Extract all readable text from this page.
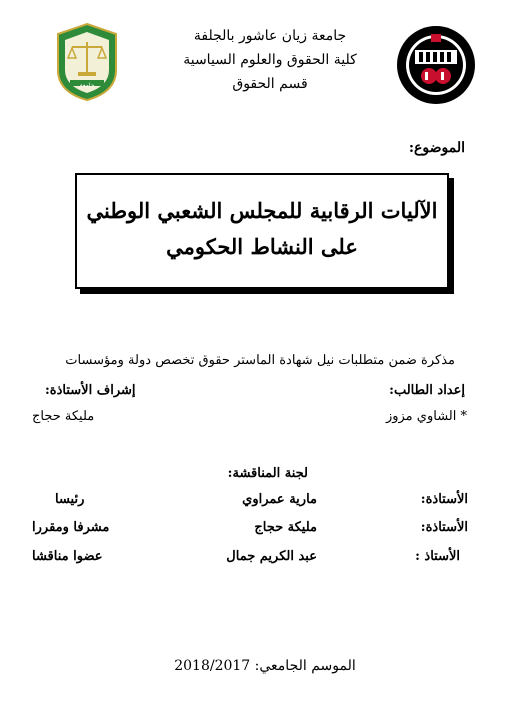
جامعة زيان عاشور بالجلفة
كلية الحقوق والعلوم السياسية
قسم الحقوق
جامعة
الموضوع:
الآليات الرقابية للمجلس الشعبي الوطني
على النشاط الحكومي
مذكرة ضمن متطلبات نيل شهادة الماستر حقوق تخصص دولة ومؤسسات
إعداد الطالب:
* الشاوي مزوز
إشراف الأستاذة:
مليكة حجاج
لجنة المناقشة:
الأستاذة:
مارية عمراوي
رئيسا
الأستاذة:
مليكة حجاج
مشرفا ومقررا
الأستاذ :
عبد الكريم جمال
عضوا مناقشا
الموسم الجامعي: 2018/2017
